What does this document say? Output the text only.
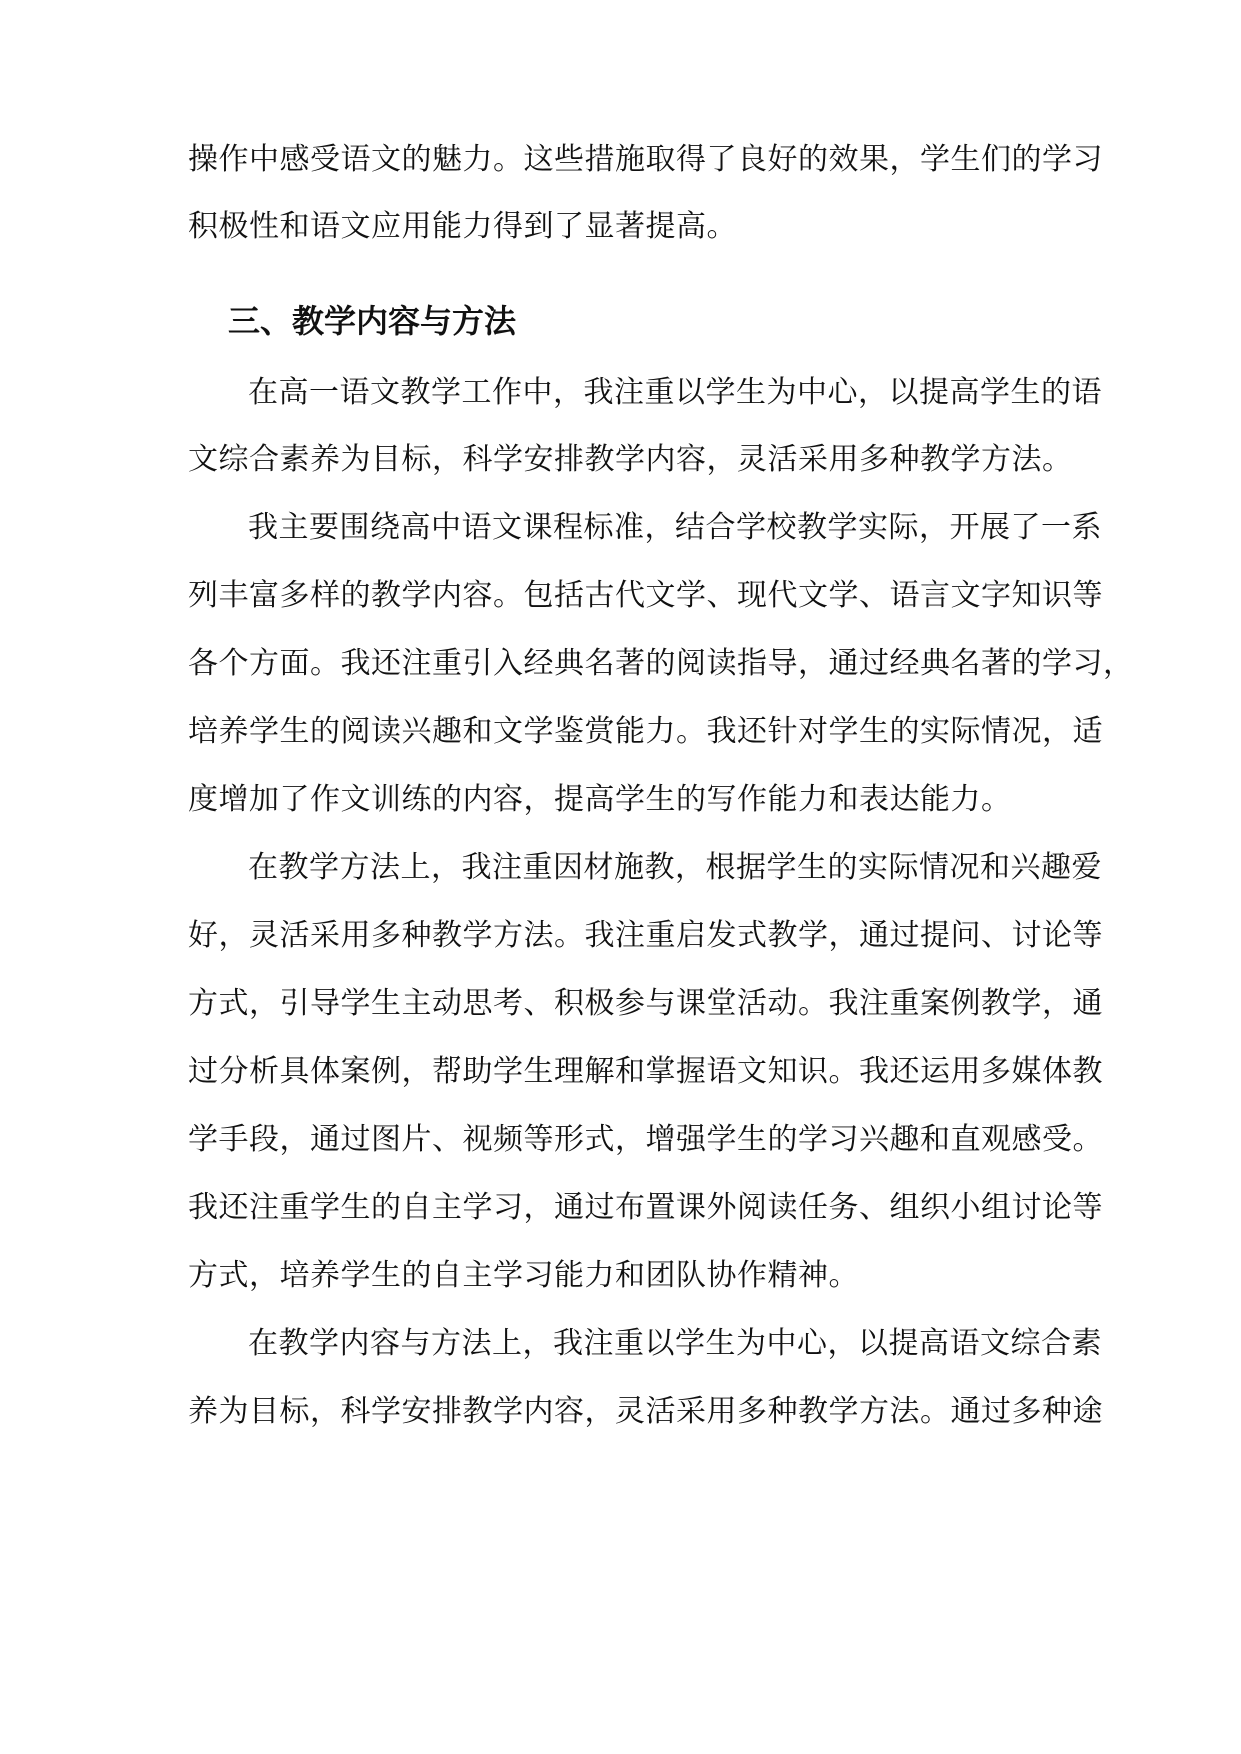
操作中感受语文的魅力。这些措施取得了良好的效果，学生们的学习
积极性和语文应用能力得到了显著提高。
三、教学内容与方法
在高一语文教学工作中，我注重以学生为中心，以提高学生的语
文综合素养为目标，科学安排教学内容，灵活采用多种教学方法。
我主要围绕高中语文课程标准，结合学校教学实际，开展了一系
列丰富多样的教学内容。包括古代文学、现代文学、语言文字知识等
各个方面。我还注重引入经典名著的阅读指导，通过经典名著的学习，
培养学生的阅读兴趣和文学鉴赏能力。我还针对学生的实际情况，适
度增加了作文训练的内容，提高学生的写作能力和表达能力。
在教学方法上，我注重因材施教，根据学生的实际情况和兴趣爱
好，灵活采用多种教学方法。我注重启发式教学，通过提问、讨论等
方式，引导学生主动思考、积极参与课堂活动。我注重案例教学，通
过分析具体案例，帮助学生理解和掌握语文知识。我还运用多媒体教
学手段，通过图片、视频等形式，增强学生的学习兴趣和直观感受。
我还注重学生的自主学习，通过布置课外阅读任务、组织小组讨论等
方式，培养学生的自主学习能力和团队协作精神。
在教学内容与方法上，我注重以学生为中心，以提高语文综合素
养为目标，科学安排教学内容，灵活采用多种教学方法。通过多种途
